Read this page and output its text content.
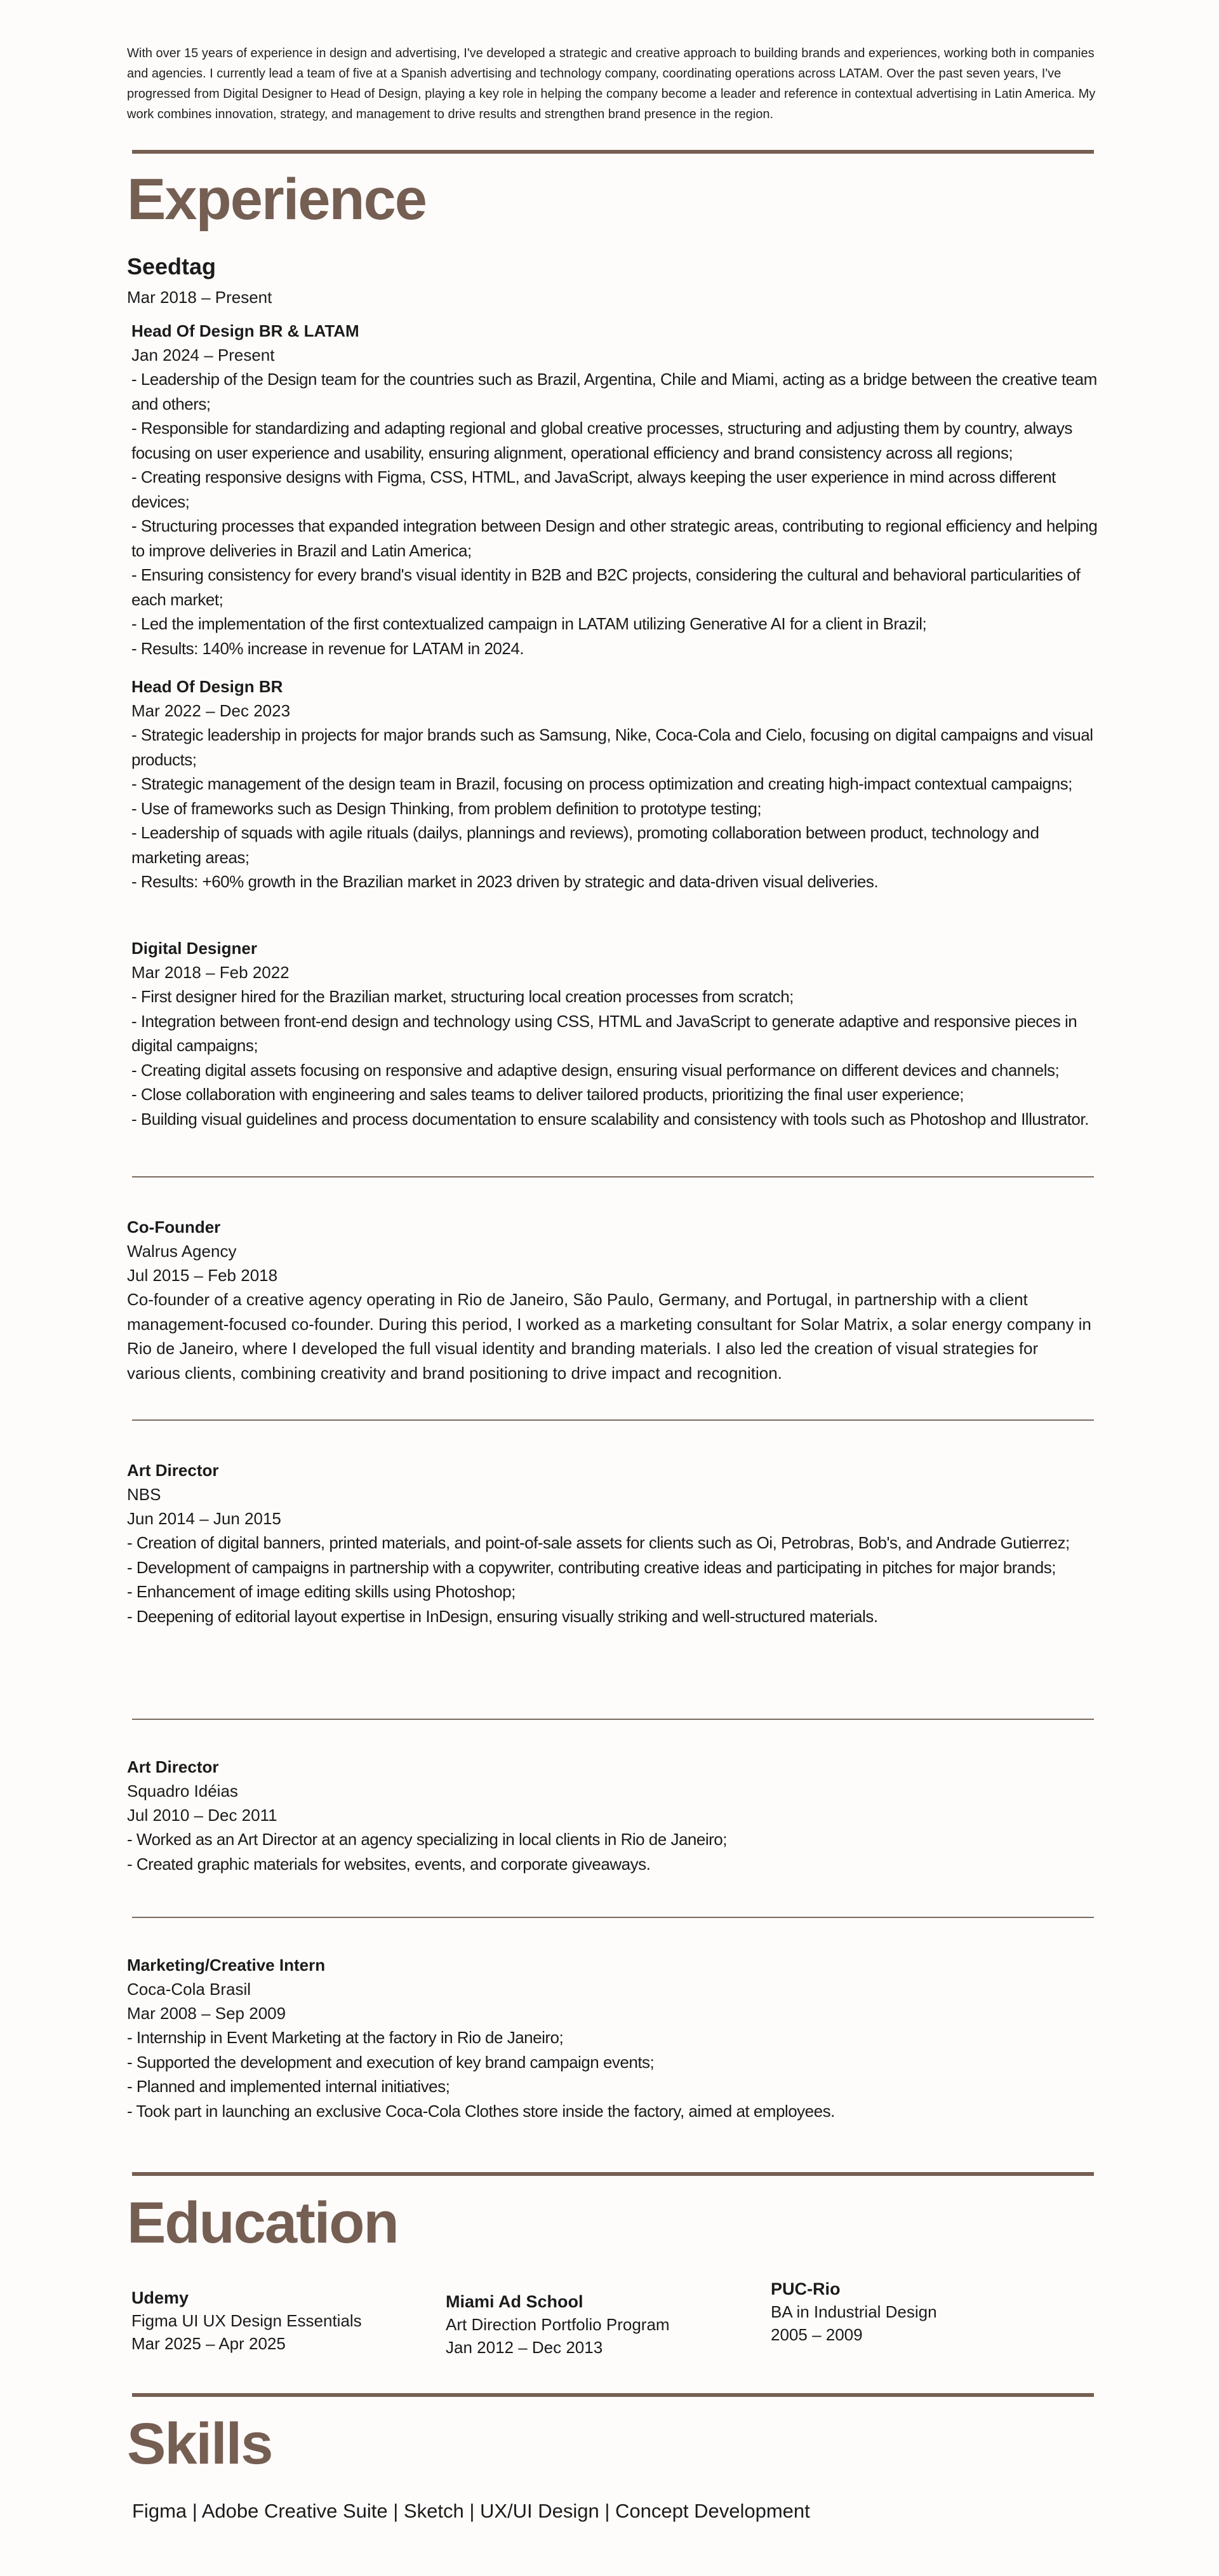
With over 15 years of experience in design and advertising, I've developed a strategic and creative approach to building brands and experiences, working both in companies and agencies. I currently lead a team of five at a Spanish advertising and technology company, coordinating operations across LATAM. Over the past seven years, I've progressed from Digital Designer to Head of Design, playing a key role in helping the company become a leader and reference in contextual advertising in Latin America. My work combines innovation, strategy, and management to drive results and strengthen brand presence in the region.

Experience
Seedtag

Mar 2018 – Present

Head Of Design BR & LATAM

Jan 2024 – Present

- Leadership of the Design team for the countries such as Brazil, Argentina, Chile and Miami, acting as a bridge between the creative team and others;
- Responsible for standardizing and adapting regional and global creative processes, structuring and adjusting them by country, always focusing on user experience and usability, ensuring alignment, operational efficiency and brand consistency across all regions;
- Creating responsive designs with Figma, CSS, HTML, and JavaScript, always keeping the user experience in mind across different devices;
- Structuring processes that expanded integration between Design and other strategic areas, contributing to regional efficiency and helping to improve deliveries in Brazil and Latin America;
- Ensuring consistency for every brand's visual identity in B2B and B2C projects, considering the cultural and behavioral particularities of each market;
- Led the implementation of the first contextualized campaign in LATAM utilizing Generative AI for a client in Brazil;
- Results: 140% increase in revenue for LATAM in 2024.

Head Of Design BR

Mar 2022 – Dec 2023

- Strategic leadership in projects for major brands such as Samsung, Nike, Coca-Cola and Cielo, focusing on digital campaigns and visual products;
- Strategic management of the design team in Brazil, focusing on process optimization and creating high-impact contextual campaigns;
- Use of frameworks such as Design Thinking, from problem definition to prototype testing;
- Leadership of squads with agile rituals (dailys, plannings and reviews), promoting collaboration between product, technology and marketing areas;
- Results: +60% growth in the Brazilian market in 2023 driven by strategic and data-driven visual deliveries.

Digital Designer

Mar 2018 – Feb 2022

- First designer hired for the Brazilian market, structuring local creation processes from scratch;
- Integration between front-end design and technology using CSS, HTML and JavaScript to generate adaptive and responsive pieces in digital campaigns;
- Creating digital assets focusing on responsive and adaptive design, ensuring visual performance on different devices and channels;
- Close collaboration with engineering and sales teams to deliver tailored products, prioritizing the final user experience;
- Building visual guidelines and process documentation to ensure scalability and consistency with tools such as Photoshop and Illustrator.

Co-Founder

Walrus Agency

Jul 2015 – Feb 2018

Co-founder of a creative agency operating in Rio de Janeiro, São Paulo, Germany, and Portugal, in partnership with a client management-focused co-founder. During this period, I worked as a marketing consultant for Solar Matrix, a solar energy company in Rio de Janeiro, where I developed the full visual identity and branding materials. I also led the creation of visual strategies for various clients, combining creativity and brand positioning to drive impact and recognition.

Art Director

NBS

Jun 2014 – Jun 2015

- Creation of digital banners, printed materials, and point-of-sale assets for clients such as Oi, Petrobras, Bob's, and Andrade Gutierrez;
- Development of campaigns in partnership with a copywriter, contributing creative ideas and participating in pitches for major brands;
- Enhancement of image editing skills using Photoshop;
- Deepening of editorial layout expertise in InDesign, ensuring visually striking and well-structured materials.

Art Director

Squadro Idéias

Jul 2010 – Dec 2011

- Worked as an Art Director at an agency specializing in local clients in Rio de Janeiro;
- Created graphic materials for websites, events, and corporate giveaways.

Marketing/Creative Intern

Coca-Cola Brasil

Mar 2008 – Sep 2009

- Internship in Event Marketing at the factory in Rio de Janeiro;
- Supported the development and execution of key brand campaign events;
- Planned and implemented internal initiatives;
- Took part in launching an exclusive Coca-Cola Clothes store inside the factory, aimed at employees.
Education

Udemy

Figma UI UX Design Essentials

Mar 2025 – Apr 2025

Miami Ad School

Art Direction Portfolio Program

Jan 2012 – Dec 2013

PUC-Rio

BA in Industrial Design

2005 – 2009

Skills

Figma | Adobe Creative Suite | Sketch | UX/UI Design | Concept Development
